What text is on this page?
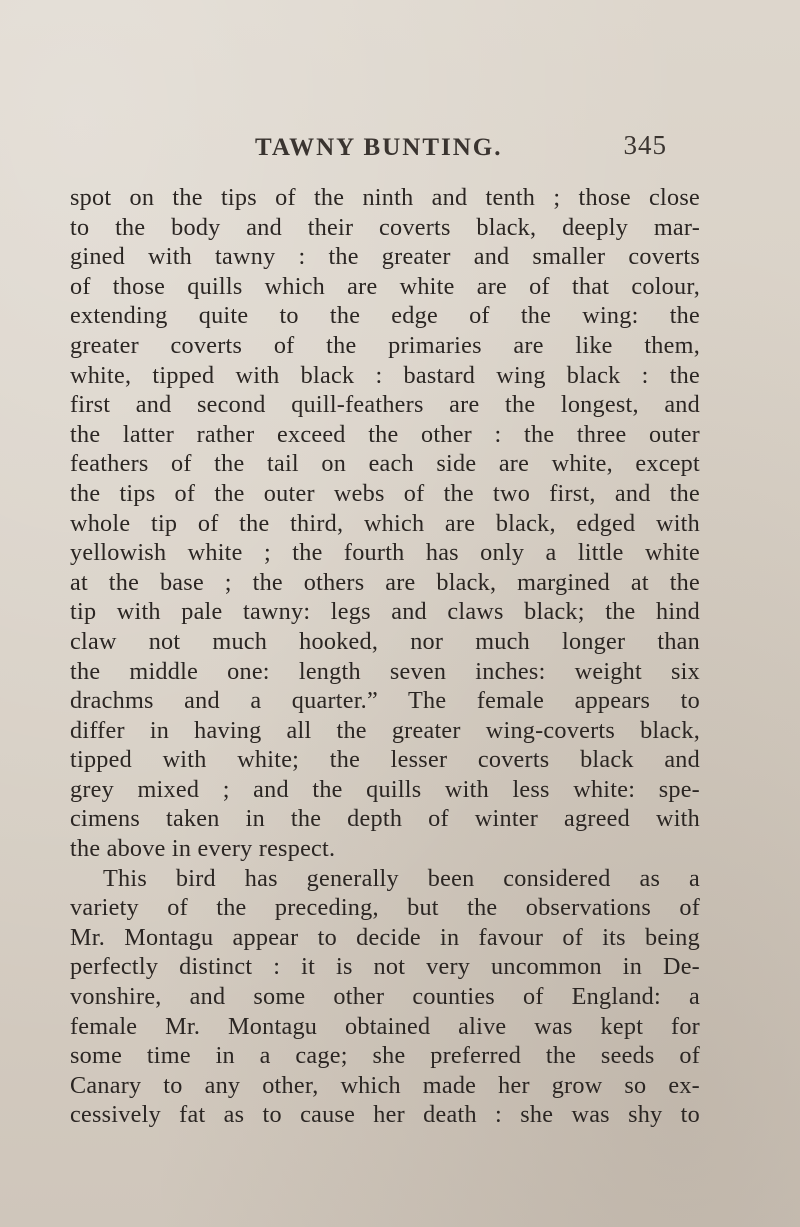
TAWNY BUNTING.	345
spot on the tips of the ninth and tenth ; those close
to the body and their coverts black, deeply mar-
gined with tawny : the greater and smaller coverts
of those quills which are white are of that colour,
extending quite to the edge of the wing: the
greater coverts of the primaries are like them,
white, tipped with black : bastard wing black : the
first and second quill-feathers are the longest, and
the latter rather exceed the other : the three outer
feathers of the tail on each side are white, except
the tips of the outer webs of the two first, and the
whole tip of the third, which are black, edged with
yellowish white ; the fourth has only a little white
at the base ; the others are black, margined at the
tip with pale tawny: legs and claws black; the hind
claw not much hooked, nor much longer than
the middle one: length seven inches: weight six
drachms and a quarter.” The female appears to
differ in having all the greater wing-coverts black,
tipped with white; the lesser coverts black and
grey mixed ; and the quills with less white: spe-
cimens taken in the depth of winter agreed with
the above in every respect.
This bird has generally been considered as a
variety of the preceding, but the observations of
Mr. Montagu appear to decide in favour of its being
perfectly distinct : it is not very uncommon in De-
vonshire, and some other counties of England: a
female Mr. Montagu obtained alive was kept for
some time in a cage; she preferred the seeds of
Canary to any other, which made her grow so ex-
cessively fat as to cause her death : she was shy to
